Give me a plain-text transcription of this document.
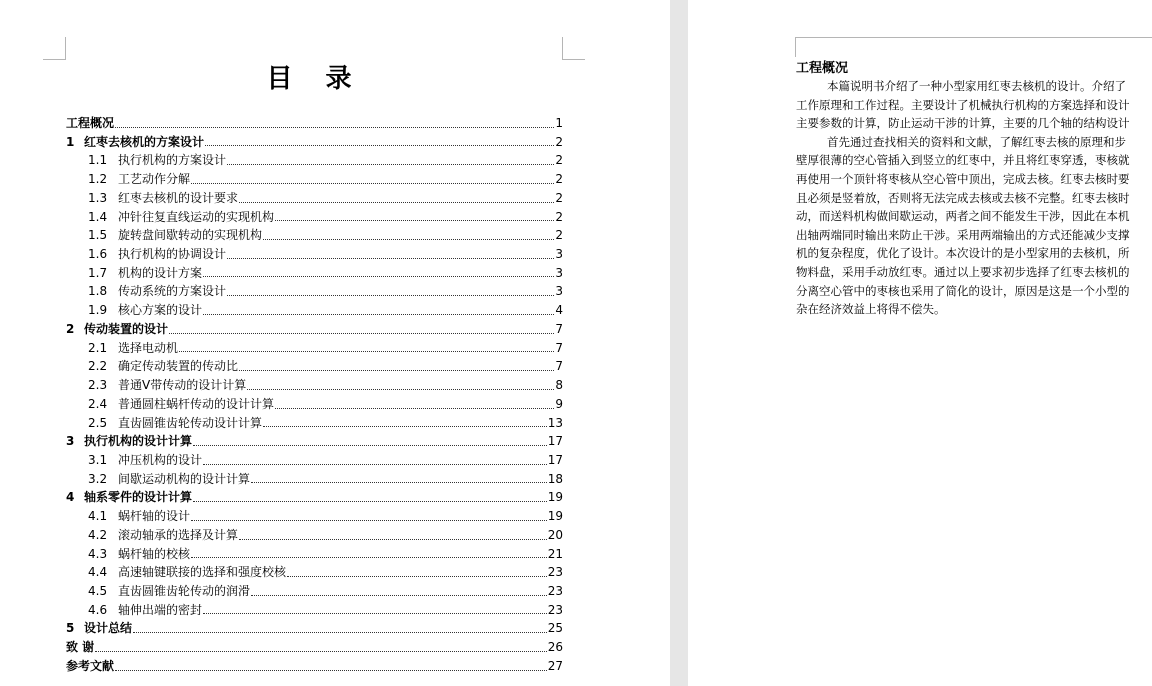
目 录
工程概况	1
1 红枣去核机的方案设计	2
1.1 执行机构的方案设计	2
1.2 工艺动作分解	2
1.3 红枣去核机的设计要求	2
1.4 冲针往复直线运动的实现机构	2
1.5 旋转盘间歇转动的实现机构	2
1.6 执行机构的协调设计	3
1.7 机构的设计方案	3
1.8 传动系统的方案设计	3
1.9 核心方案的设计	4
2 传动装置的设计	7
2.1 选择电动机	7
2.2 确定传动装置的传动比	7
2.3 普通V带传动的设计计算	8
2.4 普通圆柱蜗杆传动的设计计算	9
2.5 直齿圆锥齿轮传动设计计算	13
3 执行机构的设计计算	17
3.1 冲压机构的设计	17
3.2 间歇运动机构的设计计算	18
4 轴系零件的设计计算	19
4.1 蜗杆轴的设计	19
4.2 滚动轴承的选择及计算	20
4.3 蜗杆轴的校核	21
4.4 高速轴键联接的选择和强度校核	23
4.5 直齿圆锥齿轮传动的润滑	23
4.6 轴伸出端的密封	23
5 设计总结	25
致 谢	26
参考文献	27
工程概况
本篇说明书介绍了一种小型家用红枣去核机的设计。介绍了
工作原理和工作过程。主要设计了机械执行机构的方案选择和设计
主要参数的计算，防止运动干涉的计算，主要的几个轴的结构设计
首先通过查找相关的资料和文献，了解红枣去核的原理和步
壁厚很薄的空心管插入到竖立的红枣中，并且将红枣穿透，枣核就
再使用一个顶针将枣核从空心管中顶出，完成去核。红枣去核时要
且必须是竖着放，否则将无法完成去核或去核不完整。红枣去核时
动，而送料机构做间歇运动，两者之间不能发生干涉，因此在本机
出轴两端同时输出来防止干涉。采用两端输出的方式还能减少支撑
机的复杂程度，优化了设计。本次设计的是小型家用的去核机，所
物料盘，采用手动放红枣。通过以上要求初步选择了红枣去核机的
分离空心管中的枣核也采用了简化的设计，原因是这是一个小型的
杂在经济效益上将得不偿失。
